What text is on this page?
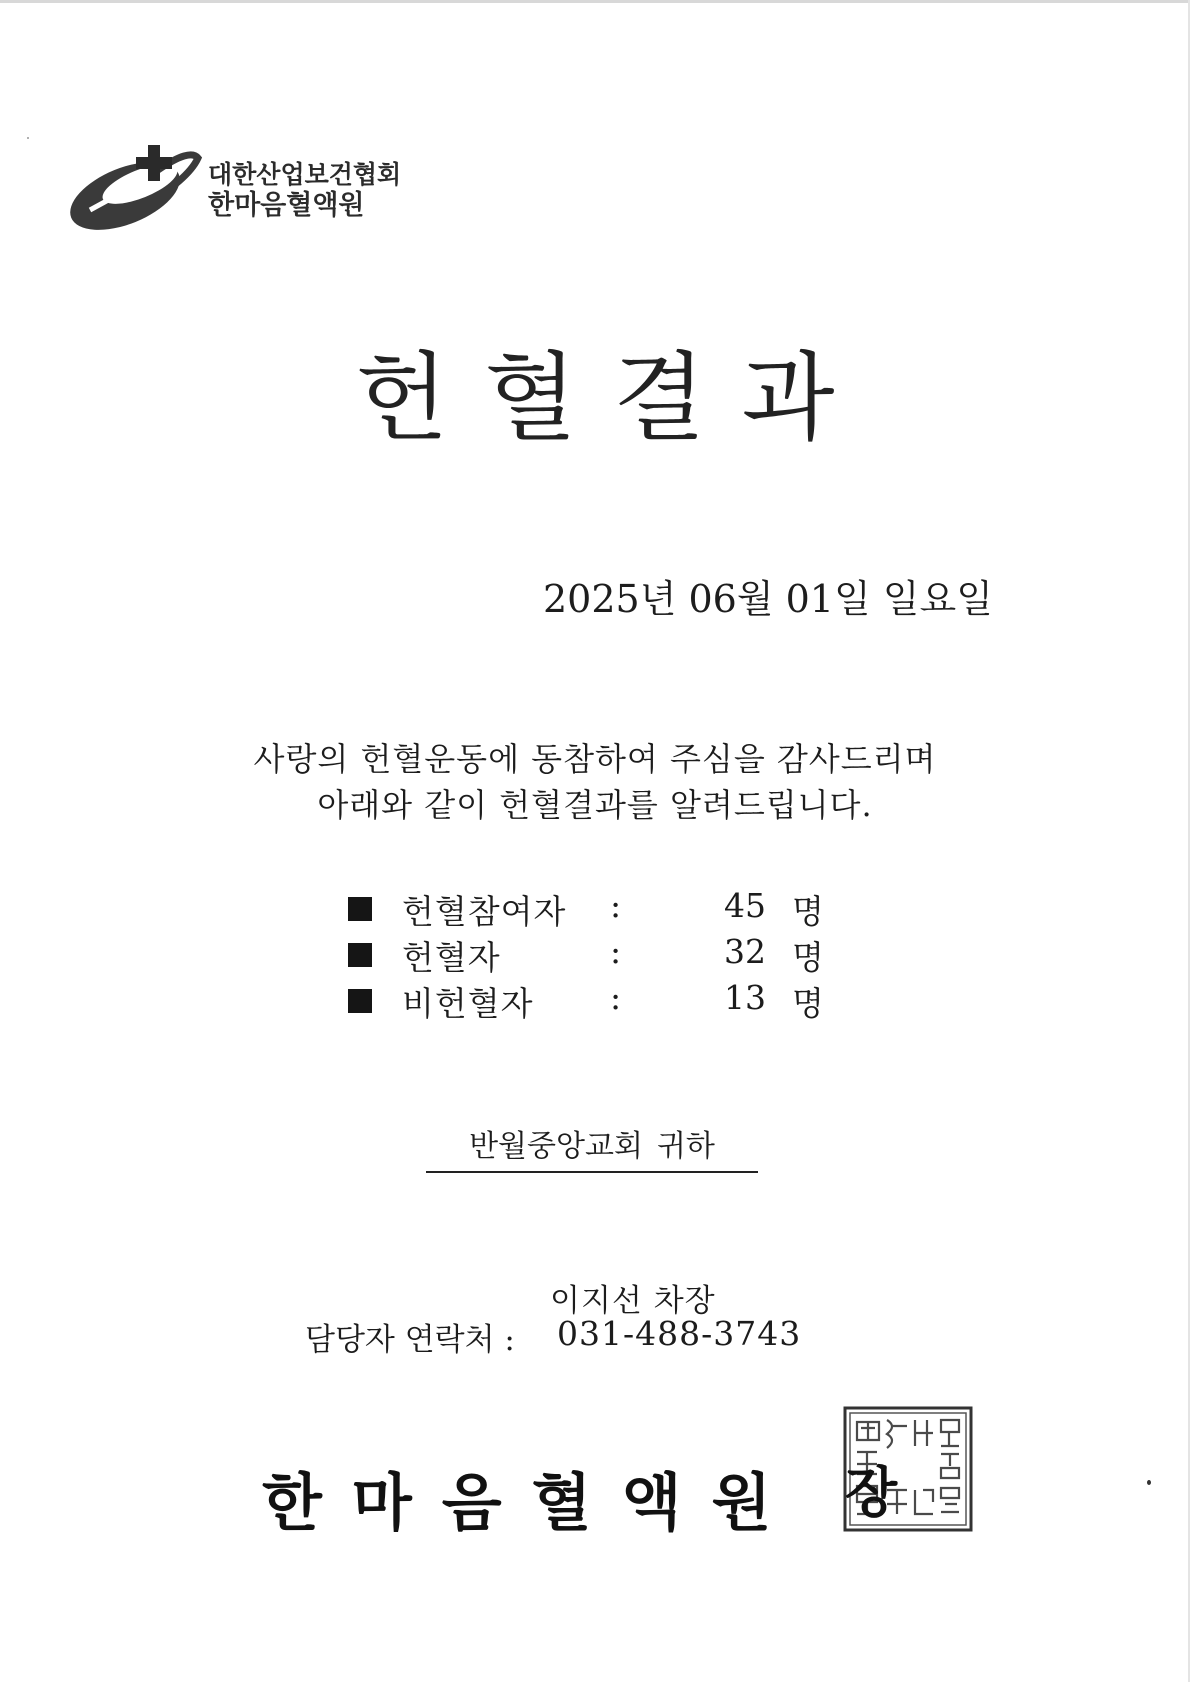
대한산업보건협회
한마음혈액원
헌혈결과
2025년 06월 01일 일요일
사랑의 헌혈운동에 동참하여 주심을 감사드리며
아래와 같이 헌혈결과를 알려드립니다.
헌혈참여자 :	45 명
헌혈자	:	32 명
비헌혈자 :	13 명
반월중앙교회 귀하
이지선 차장
담당자 연락처 : 031-488-3743
한마음혈액원 장
